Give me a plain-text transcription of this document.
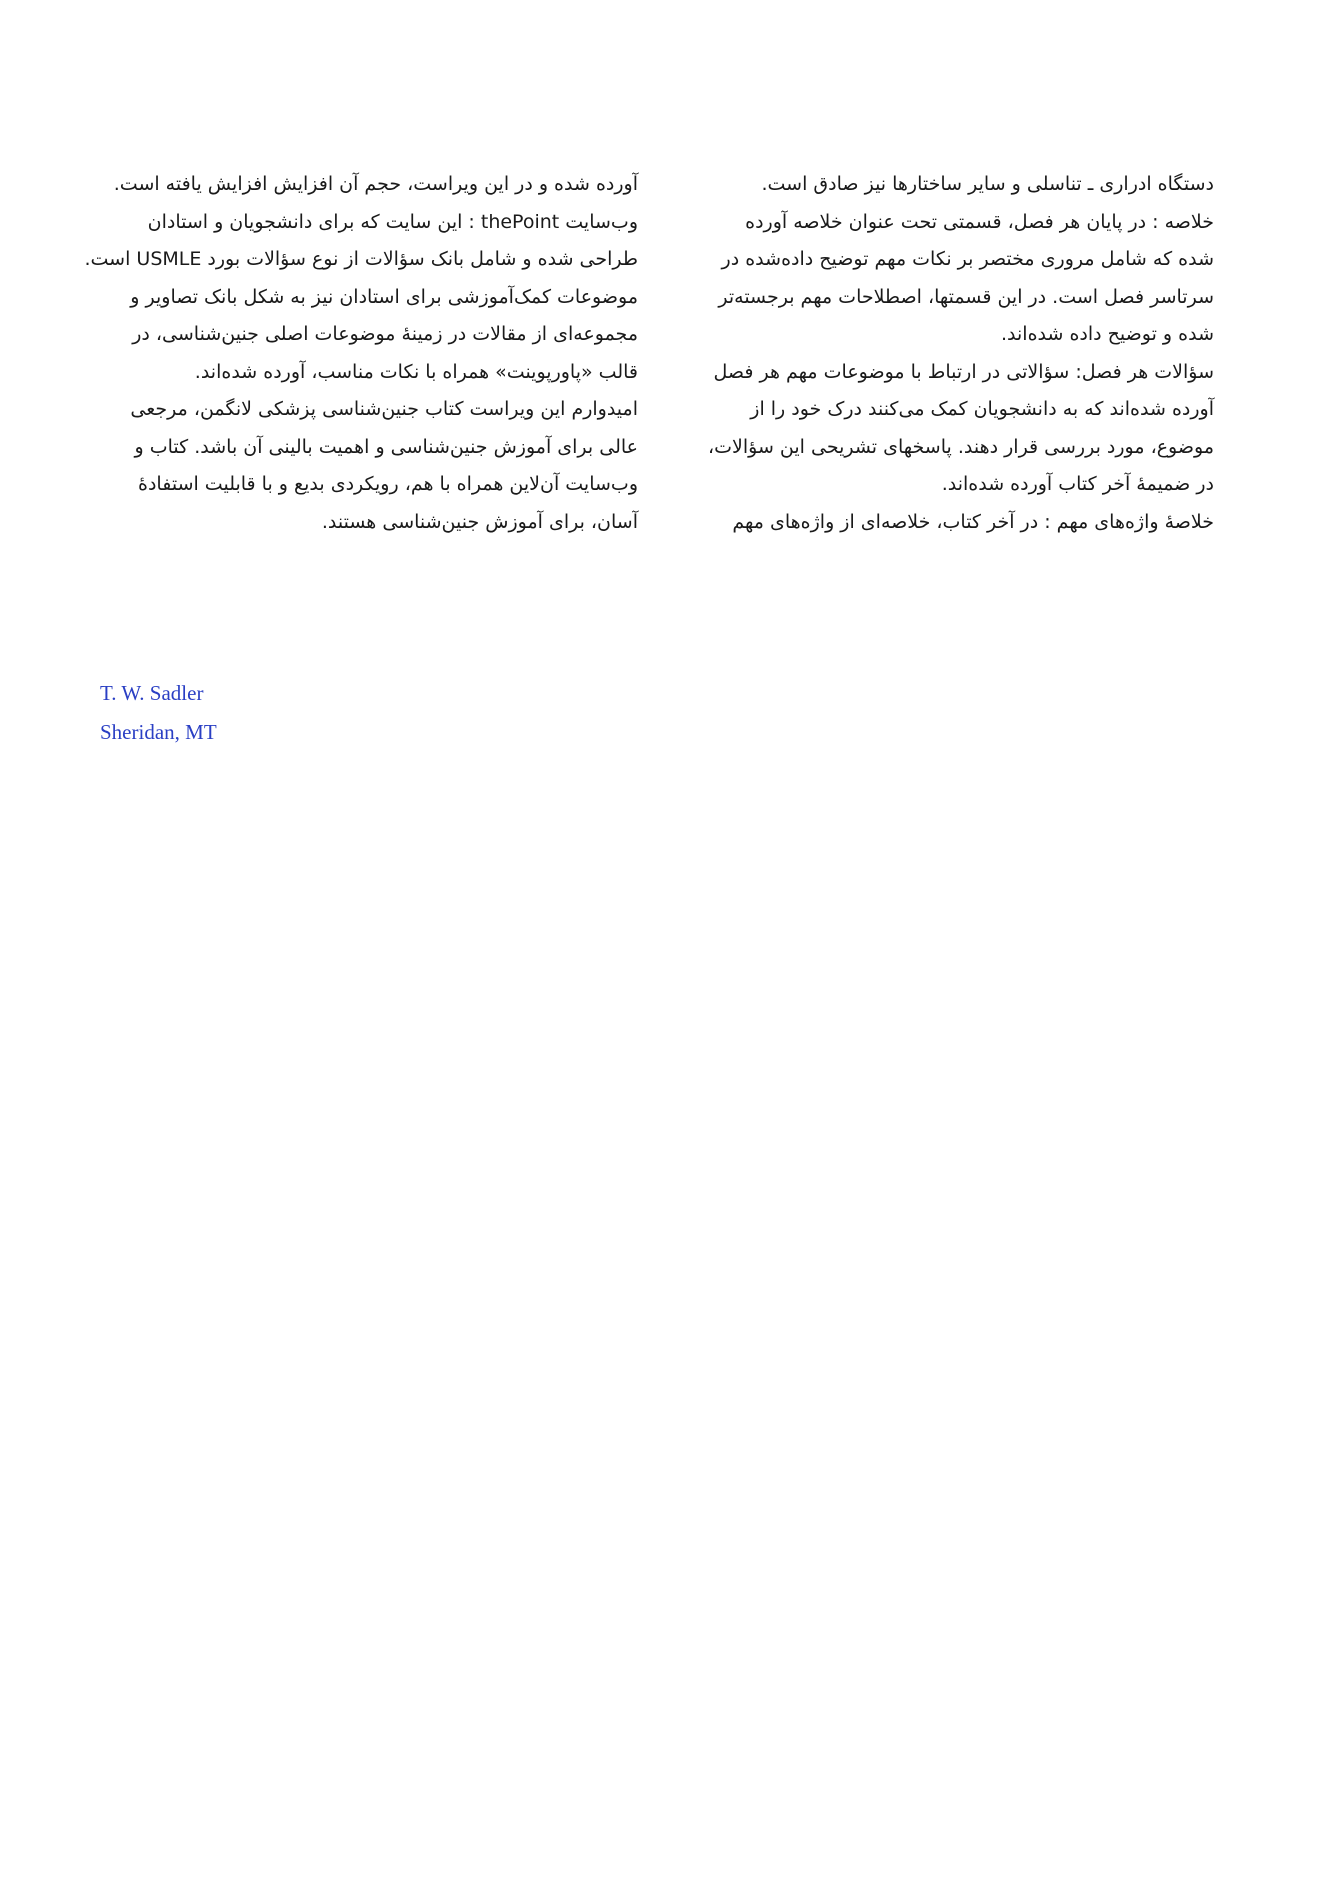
دستگاه ادراری ـ تناسلی و سایر ساختارها نیز صادق است.
خلاصه : در پایان هر فصل، قسمتی تحت عنوان خلاصه آورده
شده که شامل مروری مختصر بر نکات مهم توضیح داده‌شده در
سرتاسر فصل است. در این قسمتها، اصطلاحات مهم برجسته‌تر
شده و توضیح داده شده‌اند.
سؤالات هر فصل: سؤالاتی در ارتباط با موضوعات مهم هر فصل
آورده شده‌اند که به دانشجویان کمک می‌کنند درک خود را از
موضوع، مورد بررسی قرار دهند. پاسخهای تشریحی این سؤالات،
در ضمیمهٔ آخر کتاب آورده شده‌اند.
خلاصهٔ واژه‌های مهم : در آخر کتاب، خلاصه‌ای از واژه‌های مهم
آورده شده و در این ویراست، حجم آن افزایش افزایش یافته است.
وب‌سایت thePoint : این سایت که برای دانشجویان و استادان
طراحی شده و شامل بانک سؤالات از نوع سؤالات بورد USMLE است.
موضوعات کمک‌آموزشی برای استادان نیز به شکل بانک تصاویر و
مجموعه‌ای از مقالات در زمینهٔ موضوعات اصلی جنین‌شناسی، در
قالب «پاورپوینت» همراه با نکات مناسب، آورده شده‌اند.
امیدوارم این ویراست کتاب جنین‌شناسی پزشکی لانگمن، مرجعی
عالی برای آموزش جنین‌شناسی و اهمیت بالینی آن باشد. کتاب و
وب‌سایت آن‌لاین همراه با هم، رویکردی بدیع و با قابلیت استفادهٔ
آسان، برای آموزش جنین‌شناسی هستند.
T. W. Sadler
Sheridan, MT
